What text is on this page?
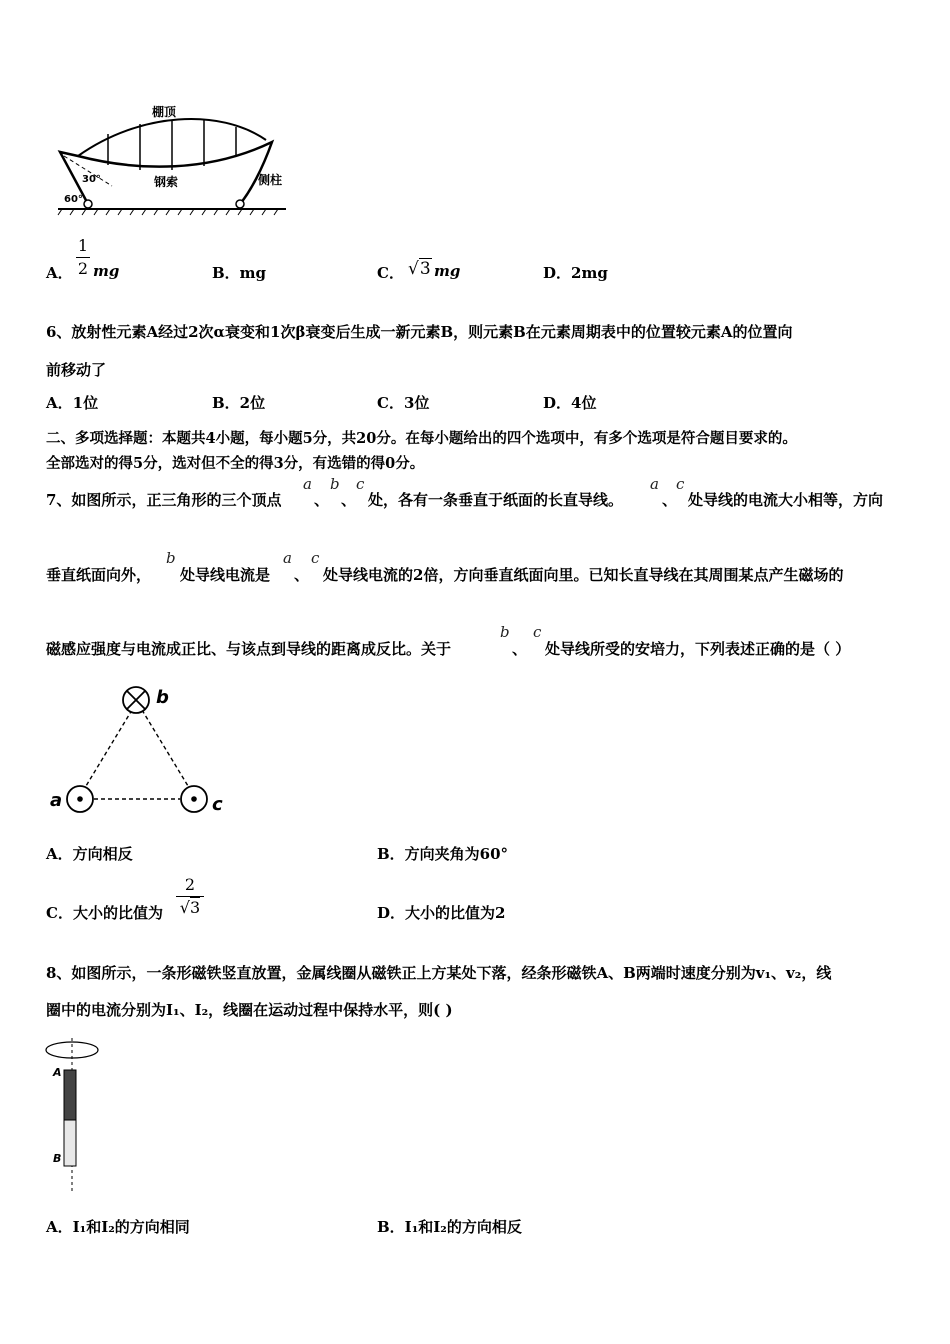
棚顶
钢索	侧柱
30°
60°
A．
1
2 mg	B．mg	C． √3 mg	D．2mg
6、放射性元素A经过2次α衰变和1次β衰变后生成一新元素B，则元素B在元素周期表中的位置较元素A的位置向
前移动了
A．1位	B．2位	C．3位	D．4位
二、多项选择题：本题共4小题，每小题5分，共20分。在每小题给出的四个选项中，有多个选项是符合题目要求的。
全部选对的得5分，选对但不全的得3分，有选错的得0分。
7、如图所示，正三角形的三个顶点
a
、
b
、
c
处，各有一条垂直于纸面的长直导线。
a
、
c
处导线的电流大小相等，方向
垂直纸面向外，
b
处导线电流是
a
、
c
处导线电流的2倍，方向垂直纸面向里。已知长直导线在其周围某点产生磁场的
磁感应强度与电流成正比、与该点到导线的距离成反比。关于
b
、
c
处导线所受的安培力，下列表述正确的是（ ）
b
a	c
A．方向相反	B．方向夹角为60°
C．大小的比值为
2
√3	D．大小的比值为2
8、如图所示，一条形磁铁竖直放置，金属线圈从磁铁正上方某处下落，经条形磁铁A、B两端时速度分别为v₁、v₂，线
圈中的电流分别为I₁、I₂，线圈在运动过程中保持水平，则( )
A
B
A．I₁和I₂的方向相同	B．I₁和I₂的方向相反
